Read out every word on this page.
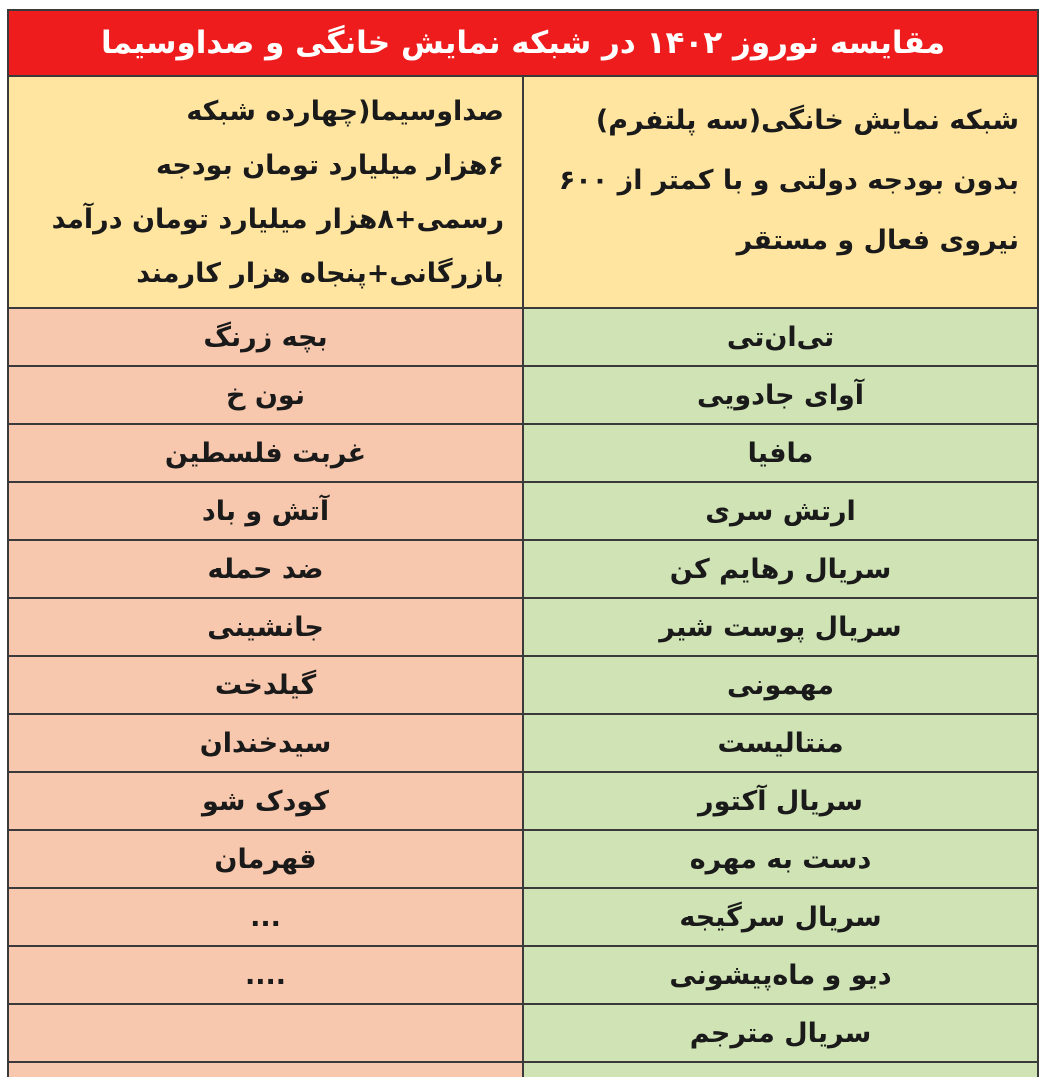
مقایسه نوروز ۱۴۰۲ در شبکه نمایش خانگی و صداوسیما
شبکه نمایش خانگی(سه پلتفرم)
بدون بودجه دولتی و با کمتر از ۶۰۰
نیروی فعال و مستقر
صداوسیما(چهارده شبکه
۶هزار میلیارد تومان بودجه
رسمی+۸هزار میلیارد تومان درآمد
بازرگانی+پنجاه هزار کارمند
تی‌ان‌تی
بچه زرنگ
آوای جادویی
نون خ
مافیا
غربت فلسطین
ارتش سری
آتش و باد
سریال رهایم کن
ضد حمله
سریال پوست شیر
جانشینی
مهمونی
گیلدخت
منتالیست
سیدخندان
سریال آکتور
کودک شو
دست به مهره
قهرمان
سریال سرگیجه
...
دیو و ماه‌پیشونی
....
سریال مترجم
